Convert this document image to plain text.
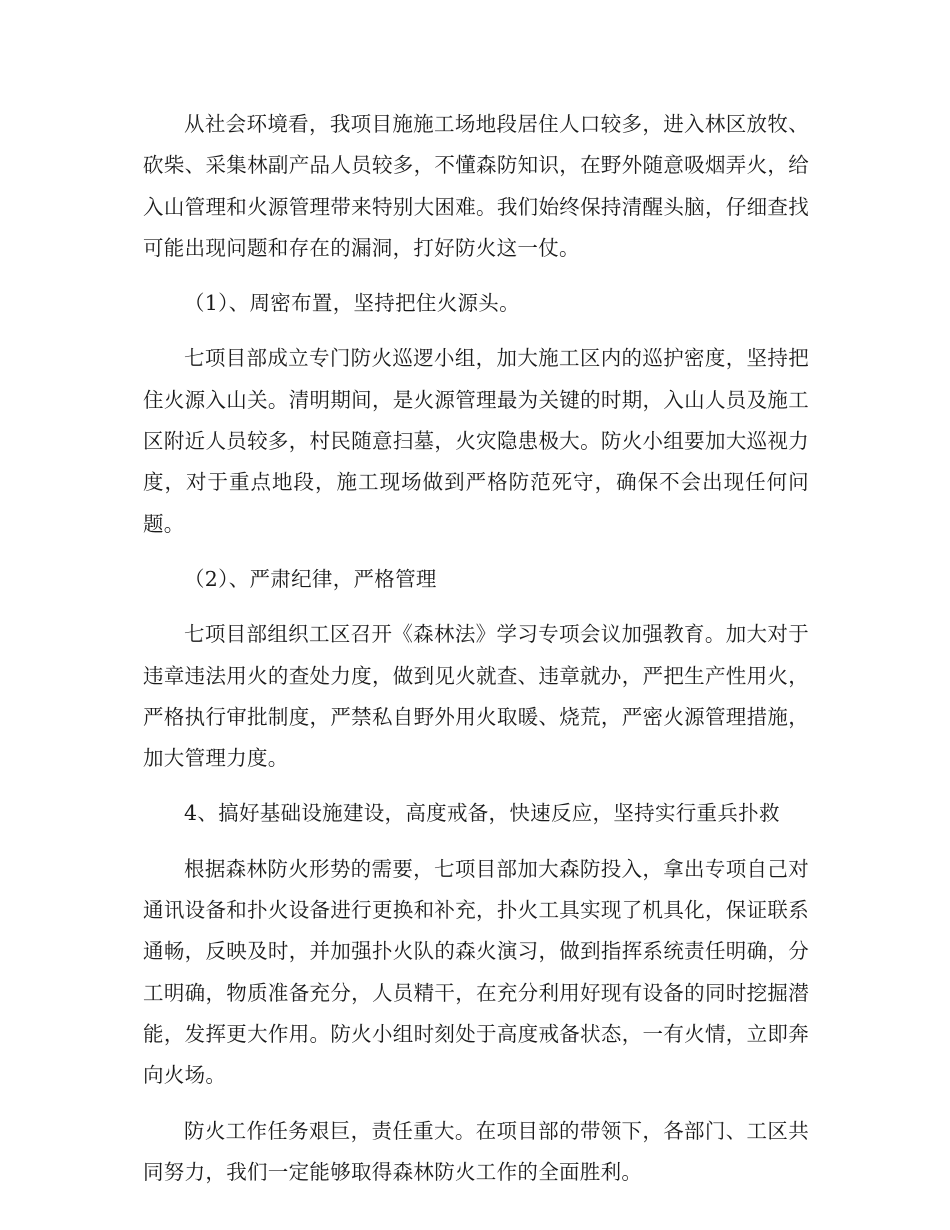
从社会环境看，我项目施施工场地段居住人口较多，进入林区放牧、砍柴、采集林副产品人员较多，不懂森防知识，在野外随意吸烟弄火，给入山管理和火源管理带来特别大困难。我们始终保持清醒头脑，仔细查找可能出现问题和存在的漏洞，打好防火这一仗。

（1）、周密布置，坚持把住火源头。

七项目部成立专门防火巡逻小组，加大施工区内的巡护密度，坚持把住火源入山关。清明期间，是火源管理最为关键的时期，入山人员及施工区附近人员较多，村民随意扫墓，火灾隐患极大。防火小组要加大巡视力度，对于重点地段，施工现场做到严格防范死守，确保不会出现任何问题。

（2）、严肃纪律，严格管理

七项目部组织工区召开《森林法》学习专项会议加强教育。加大对于违章违法用火的查处力度，做到见火就查、违章就办，严把生产性用火，严格执行审批制度，严禁私自野外用火取暖、烧荒，严密火源管理措施，加大管理力度。

4、搞好基础设施建设，高度戒备，快速反应，坚持实行重兵扑救

根据森林防火形势的需要，七项目部加大森防投入，拿出专项自己对通讯设备和扑火设备进行更换和补充，扑火工具实现了机具化，保证联系通畅，反映及时，并加强扑火队的森火演习，做到指挥系统责任明确，分工明确，物质准备充分，人员精干，在充分利用好现有设备的同时挖掘潜能，发挥更大作用。防火小组时刻处于高度戒备状态，一有火情，立即奔向火场。

防火工作任务艰巨，责任重大。在项目部的带领下，各部门、工区共同努力，我们一定能够取得森林防火工作的全面胜利。
